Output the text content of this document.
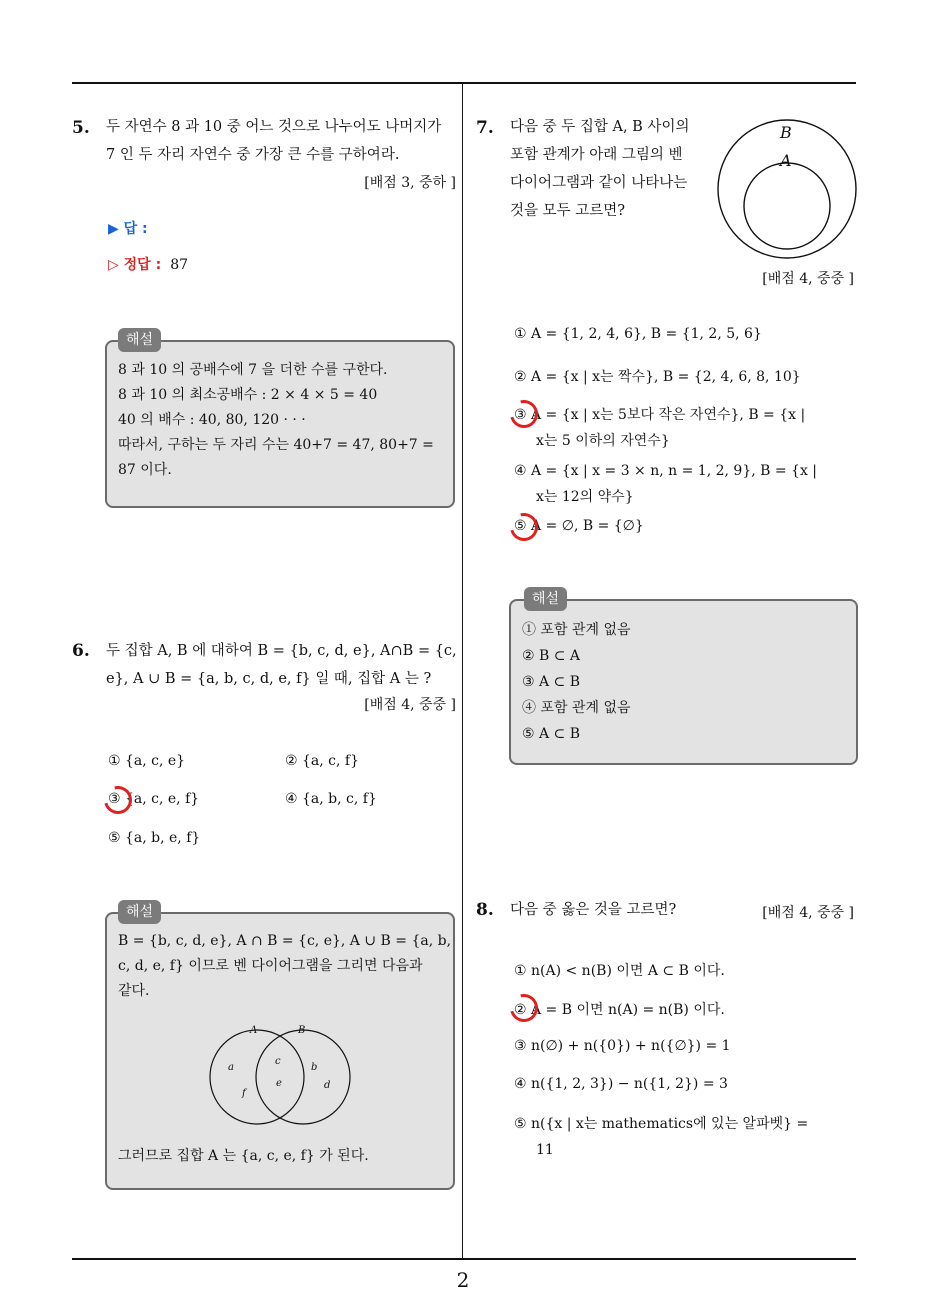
2
5. 두 자연수 8 과 10 중 어느 것으로 나누어도 나머지가
7 인 두 자리 자연수 중 가장 큰 수를 구하여라.
[배점 3, 중하 ]
▶ 답 :
▷ 정답 : 87
해설
8 과 10 의 공배수에 7 을 더한 수를 구한다.
8 과 10 의 최소공배수 : 2 × 4 × 5 = 40
40 의 배수 : 40, 80, 120 · · ·
따라서, 구하는 두 자리 수는 40+7 = 47, 80+7 =
87 이다.
6. 두 집합 A, B 에 대하여 B = {b, c, d, e}, A∩B = {c,
e}, A ∪ B = {a, b, c, d, e, f} 일 때, 집합 A 는 ?
[배점 4, 중중 ]
① {a, c, e}	② {a, c, f}
③ {a, c, e, f}	④ {a, b, c, f}
⑤ {a, b, e, f}
해설
B = {b, c, d, e}, A ∩ B = {c, e}, A ∪ B = {a, b,
c, d, e, f} 이므로 벤 다이어그램을 그리면 다음과
같다.
A	B
a
f
c
e
b
d
그러므로 집합 A 는 {a, c, e, f} 가 된다.
7. 다음 중 두 집합 A, B 사이의
포함 관계가 아래 그림의 벤
다이어그램과 같이 나타나는
것을 모두 고르면?
B
A
[배점 4, 중중 ]
① A = {1, 2, 4, 6}, B = {1, 2, 5, 6}
② A = {x | x는 짝수}, B = {2, 4, 6, 8, 10}
③ A = {x | x는 5보다 작은 자연수}, B = {x |
x는 5 이하의 자연수}
④ A = {x | x = 3 × n, n = 1, 2, 9}, B = {x |
x는 12의 약수}
⑤ A = ∅, B = {∅}
해설
① 포함 관계 없음
② B ⊂ A
③ A ⊂ B
④ 포함 관계 없음
⑤ A ⊂ B
8. 다음 중 옳은 것을 고르면?	[배점 4, 중중 ]
① n(A) < n(B) 이면 A ⊂ B 이다.
② A = B 이면 n(A) = n(B) 이다.
③ n(∅) + n({0}) + n({∅}) = 1
④ n({1, 2, 3}) − n({1, 2}) = 3
⑤ n({x | x는 mathematics에 있는 알파벳} =
11
